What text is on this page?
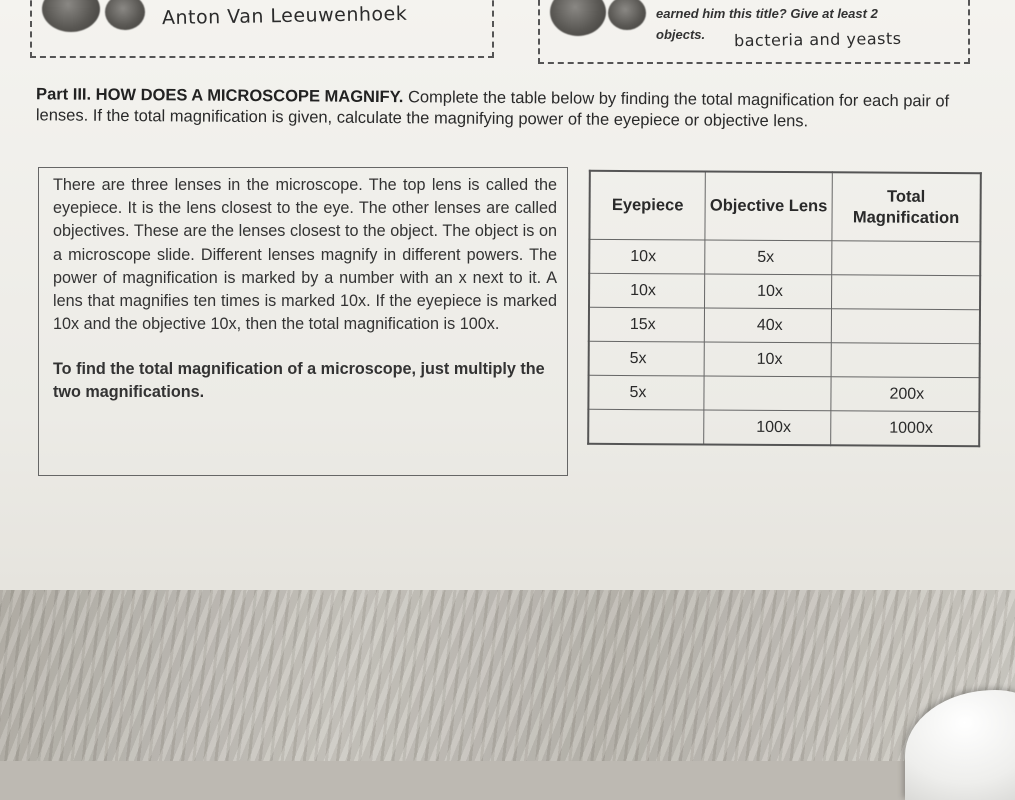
Anton Van Leeuwenhoek	earned him this title? Give at least 2
objects. bacteria and yeasts
Part III. HOW DOES A MICROSCOPE MAGNIFY. Complete the table below by finding the total magnification for each pair of lenses. If the total magnification is given, calculate the magnifying power of the eyepiece or objective lens.
There are three lenses in the microscope. The top lens is called the eyepiece. It is the lens closest to the eye. The other lenses are called objectives. These are the lenses closest to the object. The object is on a microscope slide. Different lenses magnify in different powers. The power of magnification is marked by a number with an x next to it. A lens that magnifies ten times is marked 10x. If the eyepiece is marked 10x and the objective 10x, then the total magnification is 100x.
To find the total magnification of a microscope, just multiply the two magnifications.
Eyepiece	Objective Lens	Total Magnification
10x	5x	
10x	10x	
15x	40x	
5x	10x	
5x		200x
	100x	1000x
